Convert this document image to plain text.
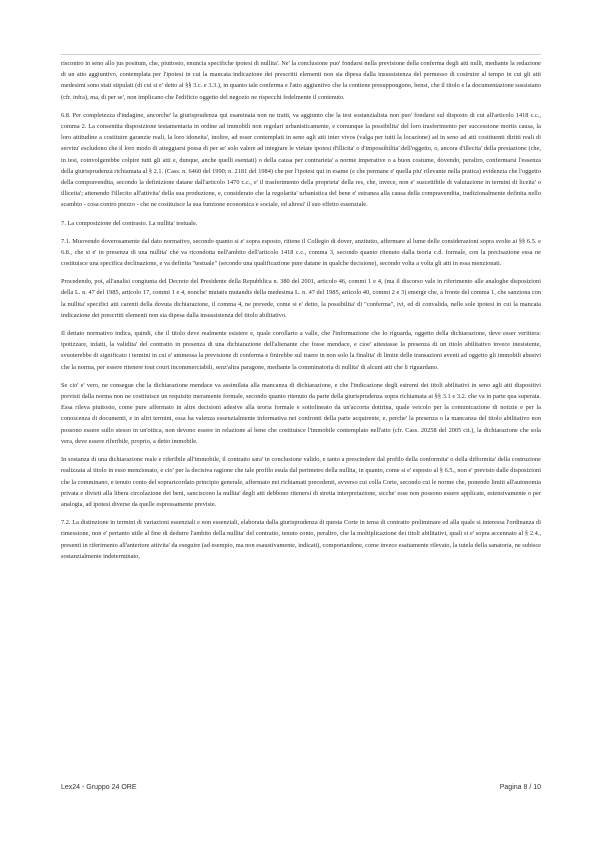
riscontro in seno allo jus positum, che, piuttosto, enuncia specifiche ipotesi di nullita'. Ne' la conclusione puo' fondarsi nella previsione della conferma degli atti nulli, mediante la redazione di un atto aggiuntivo, contemplata per l'ipotesi in cui la mancata indicazione dei prescritti elementi non sia dipesa dalla insussistenza del permesso di costruire al tempo in cui gli atti medesimi sono stati stipulati (di cui si e' detto al §§ 3.c. e 3.3.), in quanto tale conferma e l'atto aggiuntivo che la contiene presuppongono, bensi, che il titolo e la documentazione sussistano (cfr. infra), ma, di per se', non implicano che l'edificio oggetto del negozio ne rispecchi fedelmente il contenuto.

6.8. Per completezza d'indagine, ancorche' la giurisprudenza qui esaminata non ne tratti, va aggiunto che la tesi sostanzialista non puo' fondarsi sul disposto di cui all'articolo 1418 c.c., comma 2. La consentita disposizione testamentaria in ordine ad immobili non regolari urbanisticamente, e comunque la possibilita' del loro trasferimento per successione mortis causa, la loro attitudine a costituire garanzie reali, la loro idoneita', inoltre, ad esser contemplati in seno agli atti inter vivos (valga per tutti la locazione) ad in seno ad atti costituenti diritti reali di servitu' escludono che il loro modo di atteggiarsi possa di per se' solo valere ad integrare le vietate ipotesi d'illicita' o d'impossibilita' dell'oggetto, o, ancora d'illecita' della prestazione (che, in tesi, coinvolgerebbe colpire tutti gli atti e, dunque, anche quelli esentati) o della causa per contrarieta' a norme imperative o a buon costume, dovendo, peraltro, confermarsi l'essenza della giurisprudenza richiamata al § 2.1. (Cass. n. 6460 del 1990; n. 2181 del 1984) che per l'ipotesi qui in esame (e che permane e' quella piu' rilevante nella pratica) evidenzia che l'oggetto della compravendita, secondo la definizione datane dall'articolo 1470 c.c., e' il trasferimento della proprieta' della res, che, invece, non e' suscettibile di valutazione in termini di liceita' o illiceita'; attenendo l'illecito all'attivita' della sua produzione, e, considerato che la regolarita' urbanistica del bene e' estranea alla causa della compravendita, tradizionalmente definita nello scambio - cosa contro prezzo - che ne costituisce la sua funzione economica e sociale, ed altresi' il suo effetto essenziale.

7. La composizione del contrasto. La nullita' testuale.

7.1. Muovendo doverosamente dal dato normativo, secondo quanto si e' sopra esposto, ritiene il Collegio di dover, anzitutto, affermare al lume delle considerazioni sopra svolte ai §§ 6.5. e 6.8., che si e' in presenza di una nullita' che va ricondotta nell'ambito dell'articolo 1418 c.c., comma 3, secondo quanto ritenuto dalla teoria c.d. formale, con la precisazione essa ne costituisce una specifica declinazione, e va definita "testuale" (secondo una qualificazione pure datane in qualche decisione), secondo volta a volta gli atti in essa menzionati.

Procedendo, poi, all'analisi congiunta del Decreto del Presidente della Repubblica n. 380 del 2001, articolo 46, commi 1 e 4, (ma il discorso vale in riferimento alle analoghe disposizioni della L. n. 47 del 1985, articolo 17, commi 1 e 4, nonche' mutatis mutandis della medesima L. n. 47 del 1985, articolo 40, commi 2 e 3) emerge che, a fronte del comma 1, che sanziona con la nullita' specifici atti carenti della dovuta dichiarazione, il comma 4, ne prevede, come si e' detto, la possibilita' di "conferma", ivi, ed di convalida, nelle sole ipotesi in cui la mancata indicazione dei prescritti elementi non sia dipesa dalla insussistenza del titolo abilitativo.

Il dettato normativo indica, quindi, che il titolo deve realmente esistere e, quale corollario a valle, che l'informazione che lo riguarda, oggetto della dichiarazione, deve esser veritiera: ipotizzare, infatti, la validita' del contratto in presenza di una dichiarazione dell'alienante che fosse mendace, e cioe' attestasse la presenza di un titolo abilitativo invece inesistente, svuoterebbe di significato i termini in cui e' ammessa la previsione di conferma e finirebbe sul traere in non solo la finalita' di limite delle transazioni aventi ad oggetto gli immobili abusivi che la norma, per essere ritenere tout court incommerciabili, senz'altra paragone, mediante la comminatoria di nullita' di alcuni atti che li riguardano.

Se cio' e' vero, ne consegue che la dichiarazione mendace va assimilata alla mancanza di dichiarazione, e che l'indicazione degli estremi dei titoli abilitativi in seno agli atti dispositivi previsti dalla norma non ne costituisce un requisito meramente formale, secondo quanto ritenuto da parte della giurisprudenza sopra richiamata ai §§ 3.1 e 3.2. che va in parte qua superata. Essa rileva piuttosto, come pure affermato in altre decisioni adesive alla teoria formale e sottolineato da un'accorta dottrina, quale veicolo per la comunicazione di notizie e per la conoscenza di documenti, e in altri termini, essa ha valenza essenzialmente informativa nei confronti della parte acquirente, e, perche' la presenza o la mancanza del titolo abilitativo non possono essere sullo stesso in un'ottica, non devono essere in relazione al bene che costituisce l'immobile contemplato nell'atto (cfr. Cass. 20258 del 2005 cit.), la dichiarazione che sola vera, deve essere riferibile, proprio, a detto immobile.

In sostanza di una dichiarazione reale e riferibile all'immobile, il contratto sara' in conclusione valido, e tanto a prescindere dal profilo della conformita' o della difformita' della costruzione realizzata al titolo in esso menzionato, e cio' per la decisiva ragione che tale profilo esula dal perimetro della nullita, in quanto, come si e' esposto al § 6.5., non e' previsto dalle disposizioni che la comminano, e tenuto conto del sopraricordato principio generale, affermato nei richiamati precedenti, avverso cui colla Corte, secondo cui le norme che, ponendo limiti all'autonomia privata e divieti alla libera circolazione dei beni, sanciscono la nullita' degli atti debbono ritenersi di stretta interpretazione, sicche' esse non possono essere applicate, estensivamente o per analogia, ad ipotesi diverse da quelle espressamente previste.

7.2. La distinzione in termini di variazioni essenziali e non essenziali, elaborata dalla giurisprudenza di questa Corte in tema di contratto preliminare ed alla quale si interessa l'ordinanza di rimessione, non e' pertanto utile al fine di dedurre l'ambito della nullita' del contratto, tenuto conto, peraltro, che la moltiplicazione dei titoli abilitativi, quali si e' sopra accennato al § 2.4., presenti in riferimento all'anteriore attivita' da eseguire (ad esempio, ma non esaustivamente, indicati), comportandone, come invece esattamente rilevato, la tutela della sanatoria, ne subisce sostanzialmente indeterminato,

Lex24 - Gruppo 24 ORE	Pagina 8 / 10
